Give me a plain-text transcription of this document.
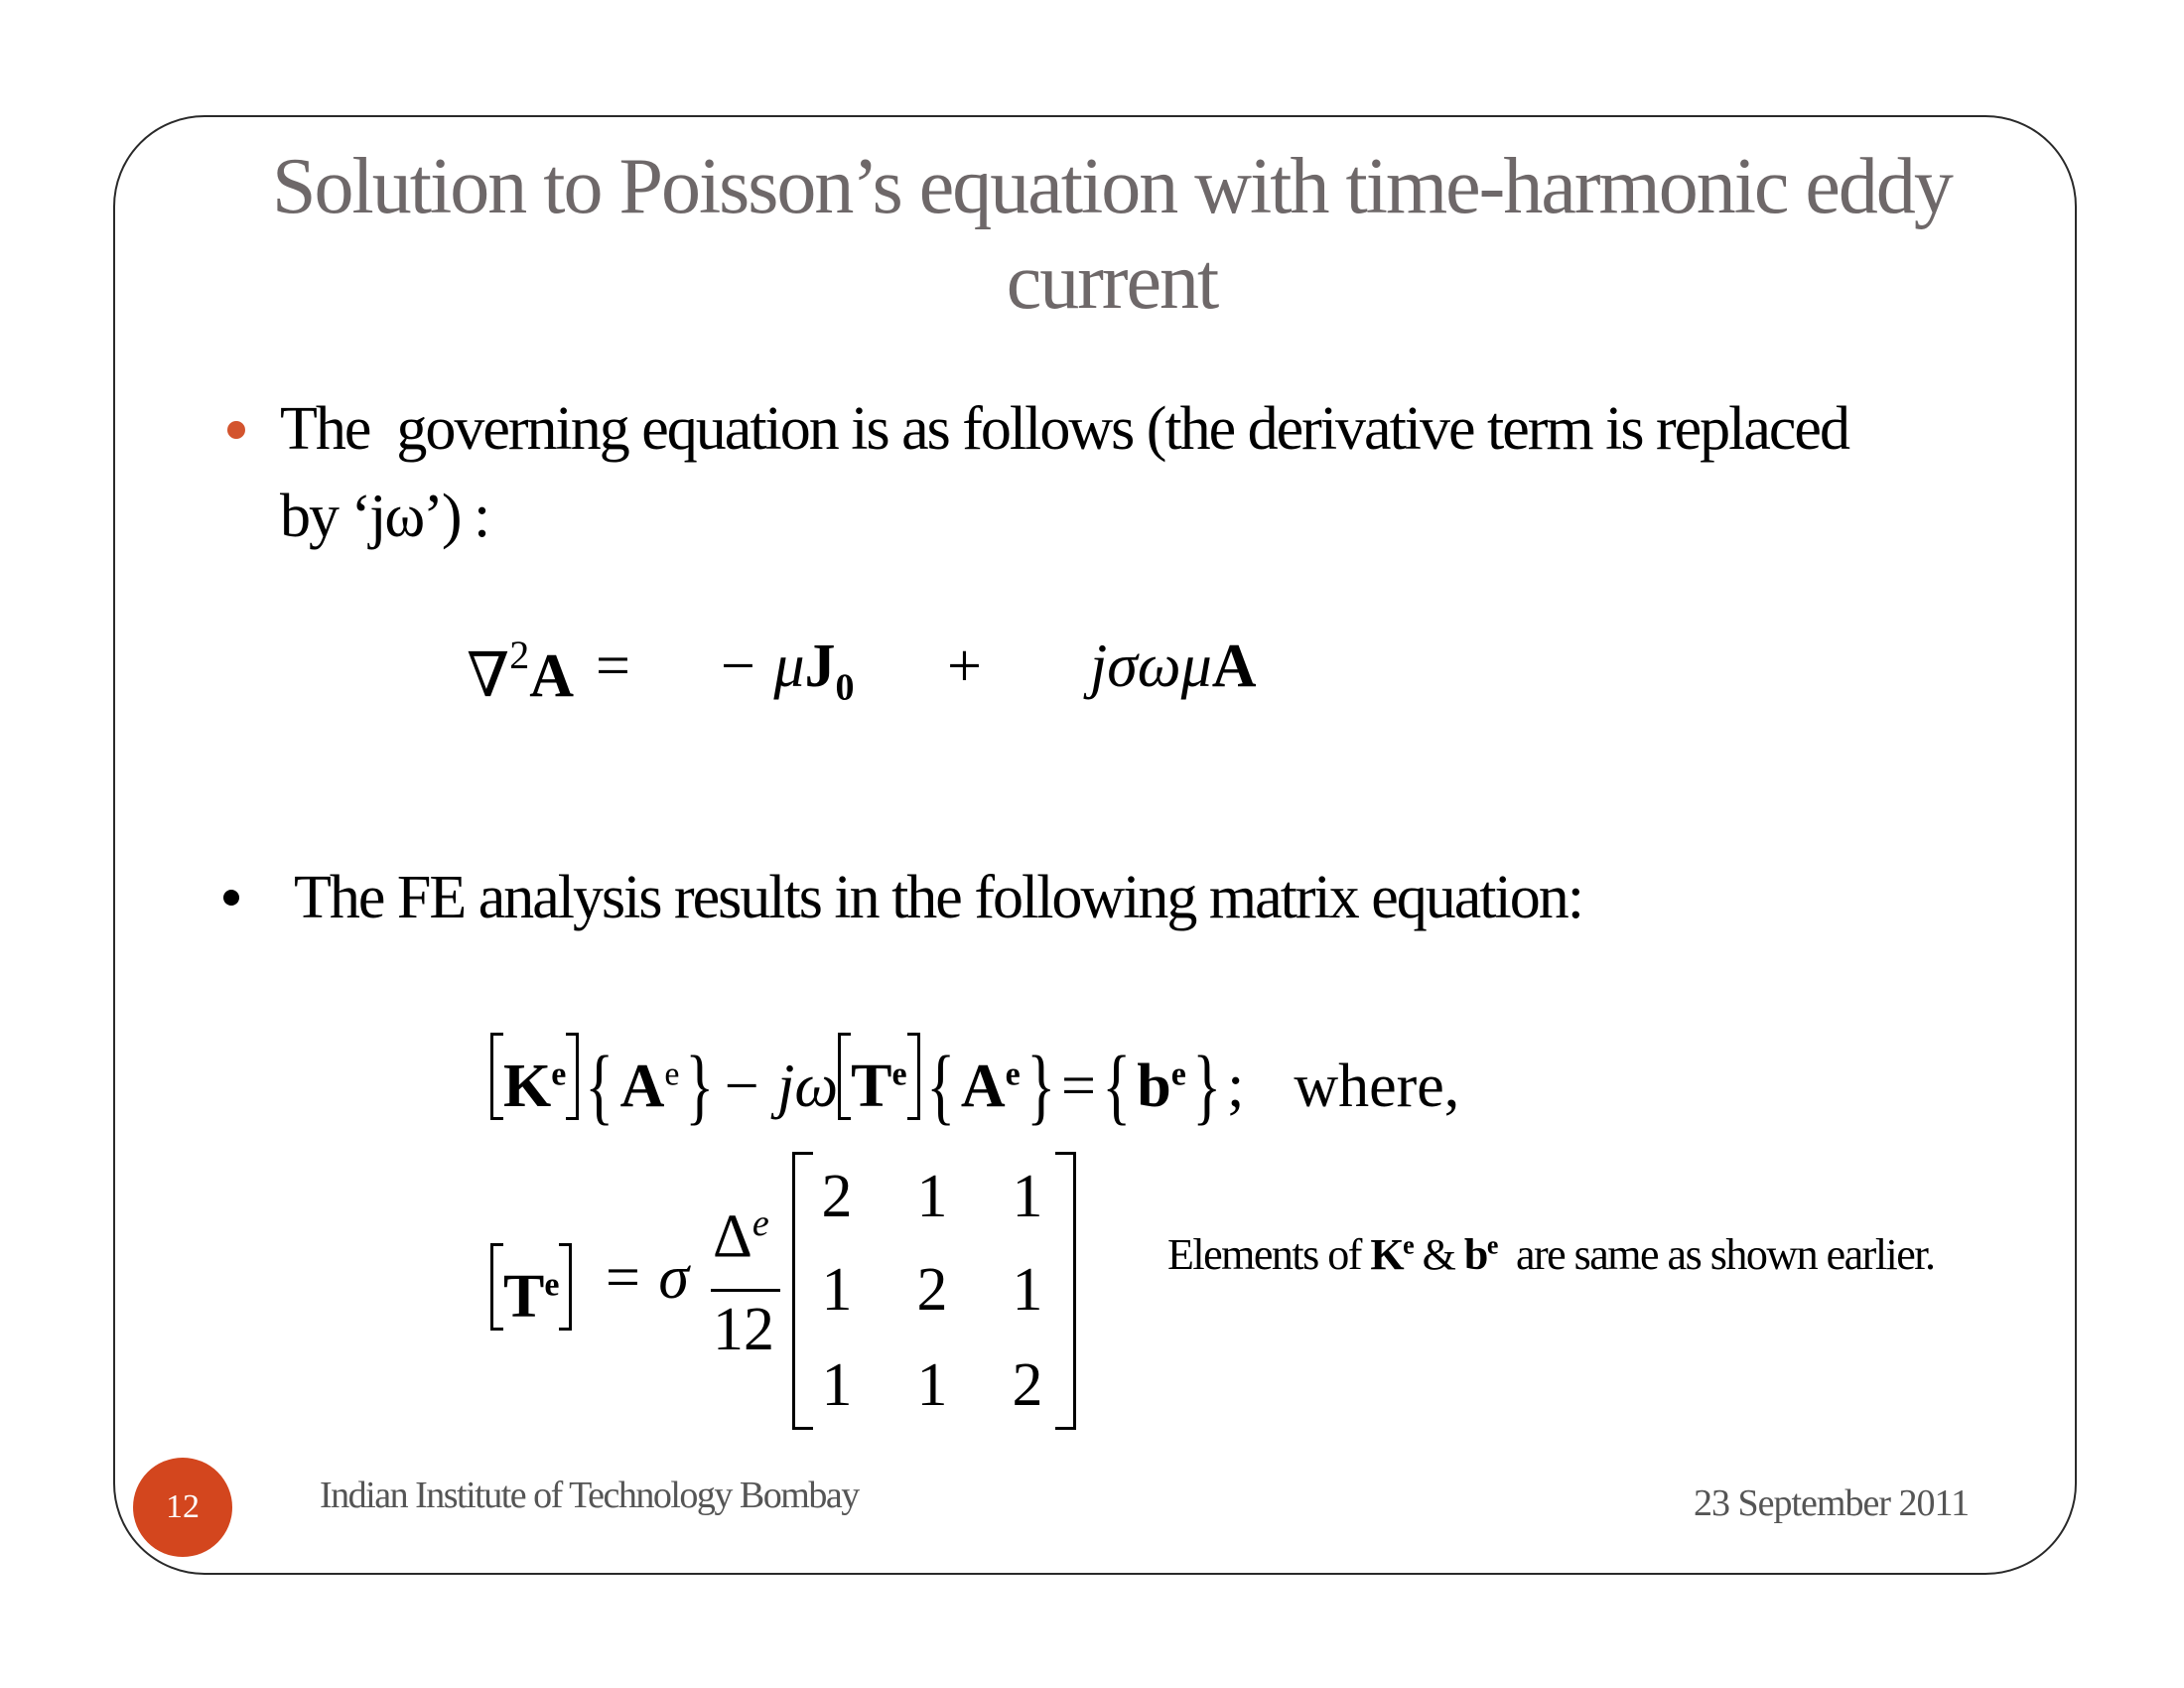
Solution to Poisson’s equation with time-harmonic eddy current
The  governing equation is as follows (the derivative term is replaced
by ‘jω’) :
∇$^2$A = − $\mu J_0 + j\sigma\omega\mu A$
The FE analysis results in the following matrix equation:
$K^e$ $\{A^e\}- j\omega$ $T^e$ $\{A^e\}=\{b^e\}$; where,
$T^e = \sigma$
$\Delta^e$
12
2	1	1
1	2	1
1	1	2
Elements of $K^e$ & $b^e$  are same as shown earlier.
12	Indian Institute of Technology Bombay	23 September 2011
